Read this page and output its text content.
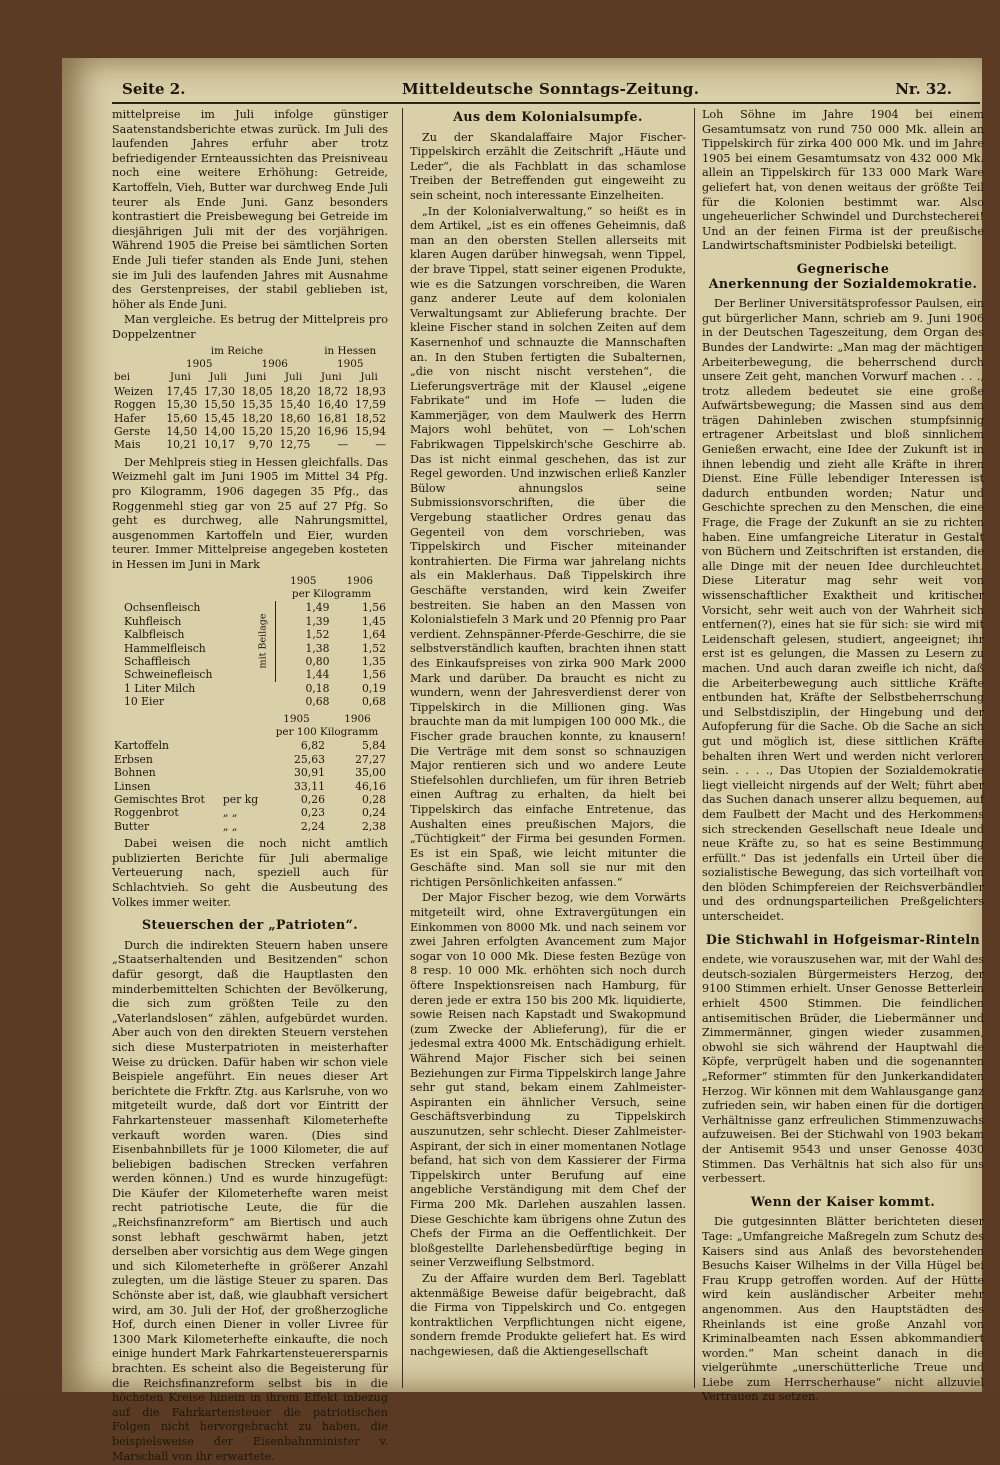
Seite 2.	Mitteldeutsche Sonntags-Zeitung.	Nr. 32.

mittelpreise im Juli infolge günstiger Saatenstandsberichte etwas zurück. Im Juli des laufenden Jahres erfuhr aber trotz befriedigender Ernteaussichten das Preisniveau noch eine weitere Erhöhung: Getreide, Kartoffeln, Vieh, Butter war durchweg Ende Juli teurer als Ende Juni. Ganz besonders kontrastiert die Preisbewegung bei Getreide im diesjährigen Juli mit der des vorjährigen. Während 1905 die Preise bei sämtlichen Sorten Ende Juli tiefer standen als Ende Juni, stehen sie im Juli des laufenden Jahres mit Ausnahme des Gerstenpreises, der stabil geblieben ist, höher als Ende Juni.

Man vergleiche. Es betrug der Mittelpreis pro Doppelzentner

	im Reiche				in Hessen	
	1905		1906		1905	
bei	Juni	Juli	Juni	Juli	Juni	Juli
Weizen	17,45	17,30	18,05	18,20	18,72	18,93
Roggen	15,30	15,50	15,35	15,40	16,40	17,59
Hafer	15,60	15,45	18,20	18,60	16,81	18,52
Gerste	14,50	14,00	15,20	15,20	16,96	15,94
Mais	10,21	10,17	9,70	12,75	—	—

Der Mehlpreis stieg in Hessen gleichfalls. Das Weizmehl galt im Juni 1905 im Mittel 34 Pfg. pro Kilogramm, 1906 dagegen 35 Pfg., das Roggenmehl stieg gar von 25 auf 27 Pfg. So geht es durchweg, alle Nahrungsmittel, ausgenommen Kartoffeln und Eier, wurden teurer. Immer Mittelpreise angegeben kosteten in Hessen im Juni in Mark

		1905	1906
		per Kilogramm	
Ochsenfleisch	mit Beilage	1,49	1,56
Kuhfleisch		1,39	1,45
Kalbfleisch		1,52	1,64
Hammelfleisch		1,38	1,52
Schaffleisch		0,80	1,35
Schweinefleisch		1,44	1,56
1 Liter Milch		0,18	0,19
10 Eier		0,68	0,68
		1905	1906
		per 100 Kilogramm	
Kartoffeln		6,82	5,84
Erbsen		25,63	27,27
Bohnen		30,91	35,00
Linsen		33,11	46,16
Gemischtes Brot	per kg	0,26	0,28
Roggenbrot	„ „	0,23	0,24
Butter	„ „	2,24	2,38

Dabei weisen die noch nicht amtlich publizierten Berichte für Juli abermalige Verteuerung nach, speziell auch für Schlachtvieh. So geht die Ausbeutung des Volkes immer weiter.

Steuerschen der „Patrioten“.

Durch die indirekten Steuern haben unsere „Staatserhaltenden und Besitzenden“ schon dafür gesorgt, daß die Hauptlasten den minderbemittelten Schichten der Bevölkerung, die sich zum größten Teile zu den „Vaterlandslosen“ zählen, aufgebürdet wurden. Aber auch von den direkten Steuern verstehen sich diese Musterpatrioten in meisterhafter Weise zu drücken. Dafür haben wir schon viele Beispiele angeführt. Ein neues dieser Art berichtete die Frkftr. Ztg. aus Karlsruhe, von wo mitgeteilt wurde, daß dort vor Eintritt der Fahrkartensteuer massenhaft Kilometerhefte verkauft worden waren. (Dies sind Eisenbahnbillets für je 1000 Kilometer, die auf beliebigen badischen Strecken verfahren werden können.) Und es wurde hinzugefügt: Die Käufer der Kilometerhefte waren meist recht patriotische Leute, die für die „Reichsfinanzreform“ am Biertisch und auch sonst lebhaft geschwärmt haben, jetzt derselben aber vorsichtig aus dem Wege gingen und sich Kilometerhefte in größerer Anzahl zulegten, um die lästige Steuer zu sparen. Das Schönste aber ist, daß, wie glaubhaft versichert wird, am 30. Juli der Hof, der großherzogliche Hof, durch einen Diener in voller Livree für 1300 Mark Kilometerhefte einkaufte, die noch einige hundert Mark Fahrkartensteuerersparnis brachten. Es scheint also die Begeisterung für die Reichsfinanzreform selbst bis in die höchsten Kreise hinein in ihrem Effekt inbezug auf die Fahrkartensteuer die patriotischen Folgen nicht hervorgebracht zu haben, die beispielsweise der Eisenbahnminister v. Marschall von ihr erwartete.

Aus dem Kolonialsumpfe.

Zu der Skandalaffaire Major Fischer-Tippelskirch erzählt die Zeitschrift „Häute und Leder“, die als Fachblatt in das schamlose Treiben der Betreffenden gut eingeweiht zu sein scheint, noch interessante Einzelheiten.

„In der Kolonialverwaltung,“ so heißt es in dem Artikel, „ist es ein offenes Geheimnis, daß man an den obersten Stellen allerseits mit klaren Augen darüber hinwegsah, wenn Tippel, der brave Tippel, statt seiner eigenen Produkte, wie es die Satzungen vorschreiben, die Waren ganz anderer Leute auf dem kolonialen Verwaltungsamt zur Ablieferung brachte. Der kleine Fischer stand in solchen Zeiten auf dem Kasernenhof und schnauzte die Mannschaften an. In den Stuben fertigten die Subalternen, „die von nischt nischt verstehen“, die Lieferungsverträge mit der Klausel „eigene Fabrikate“ und im Hofe — luden die Kammerjäger, von dem Maulwerk des Herrn Majors wohl behütet, von — Loh'schen Fabrikwagen Tippelskirch'sche Geschirre ab. Das ist nicht einmal geschehen, das ist zur Regel geworden. Und inzwischen erließ Kanzler Bülow ahnungslos seine Submissionsvorschriften, die über die Vergebung staatlicher Ordres genau das Gegenteil von dem vorschrieben, was Tippelskirch und Fischer miteinander kontrahierten. Die Firma war jahrelang nichts als ein Maklerhaus. Daß Tippelskirch ihre Geschäfte verstanden, wird kein Zweifer bestreiten. Sie haben an den Massen von Kolonialstiefeln 3 Mark und 20 Pfennig pro Paar verdient. Zehnspänner-Pferde-Geschirre, die sie selbstverständlich kauften, brachten ihnen statt des Einkaufspreises von zirka 900 Mark 2000 Mark und darüber. Da braucht es nicht zu wundern, wenn der Jahresverdienst derer von Tippelskirch in die Millionen ging. Was brauchte man da mit lumpigen 100 000 Mk., die Fischer grade brauchen konnte, zu knausern! Die Verträge mit dem sonst so schnauzigen Major rentieren sich und wo andere Leute Stiefelsohlen durchliefen, um für ihren Betrieb einen Auftrag zu erhalten, da hielt bei Tippelskirch das einfache Entretenue, das Aushalten eines preußischen Majors, die „Tüchtigkeit“ der Firma bei gesunden Formen. Es ist ein Spaß, wie leicht mitunter die Geschäfte sind. Man soll sie nur mit den richtigen Persönlichkeiten anfassen.“

Der Major Fischer bezog, wie dem Vorwärts mitgeteilt wird, ohne Extravergütungen ein Einkommen von 8000 Mk. und nach seinem vor zwei Jahren erfolgten Avancement zum Major sogar von 10 000 Mk. Diese festen Bezüge von 8 resp. 10 000 Mk. erhöhten sich noch durch öftere Inspektionsreisen nach Hamburg, für deren jede er extra 150 bis 200 Mk. liquidierte, sowie Reisen nach Kapstadt und Swakopmund (zum Zwecke der Ablieferung), für die er jedesmal extra 4000 Mk. Entschädigung erhielt. Während Major Fischer sich bei seinen Beziehungen zur Firma Tippelskirch lange Jahre sehr gut stand, bekam einem Zahlmeister-Aspiranten ein ähnlicher Versuch, seine Geschäftsverbindung zu Tippelskirch auszunutzen, sehr schlecht. Dieser Zahlmeister-Aspirant, der sich in einer momentanen Notlage befand, hat sich von dem Kassierer der Firma Tippelskirch unter Berufung auf eine angebliche Verständigung mit dem Chef der Firma 200 Mk. Darlehen auszahlen lassen. Diese Geschichte kam übrigens ohne Zutun des Chefs der Firma an die Oeffentlichkeit. Der bloßgestellte Darlehensbedürftige beging in seiner Verzweiflung Selbstmord.

Zu der Affaire wurden dem Berl. Tageblatt aktenmäßige Beweise dafür beigebracht, daß die Firma von Tippelskirch und Co. entgegen kontraktlichen Verpflichtungen nicht eigene, sondern fremde Produkte geliefert hat. Es wird nachgewiesen, daß die Aktiengesellschaft

Loh Söhne im Jahre 1904 bei einem Gesamtumsatz von rund 750 000 Mk. allein an Tippelskirch für zirka 400 000 Mk. und im Jahre 1905 bei einem Gesamtumsatz von 432 000 Mk. allein an Tippelskirch für 133 000 Mark Ware geliefert hat, von denen weitaus der größte Teil für die Kolonien bestimmt war. Also ungeheuerlicher Schwindel und Durchstecherei! Und an der feinen Firma ist der preußische Landwirtschaftsminister Podbielski beteiligt.

Gegnerische
Anerkennung der Sozialdemokratie.

Der Berliner Universitätsprofessor Paulsen, ein gut bürgerlicher Mann, schrieb am 9. Juni 1906 in der Deutschen Tageszeitung, dem Organ des Bundes der Landwirte: „Man mag der mächtigen Arbeiterbewegung, die beherrschend durch unsere Zeit geht, manchen Vorwurf machen . . ., trotz alledem bedeutet sie eine große Aufwärtsbewegung; die Massen sind aus dem trägen Dahinleben zwischen stumpfsinnig ertragener Arbeitslast und bloß sinnlichem Genießen erwacht, eine Idee der Zukunft ist in ihnen lebendig und zieht alle Kräfte in ihren Dienst. Eine Fülle lebendiger Interessen ist dadurch entbunden worden; Natur und Geschichte sprechen zu den Menschen, die eine Frage, die Frage der Zukunft an sie zu richten haben. Eine umfangreiche Literatur in Gestalt von Büchern und Zeitschriften ist erstanden, die alle Dinge mit der neuen Idee durchleuchtet. Diese Literatur mag sehr weit von wissenschaftlicher Exaktheit und kritischer Vorsicht, sehr weit auch von der Wahrheit sich entfernen(?), eines hat sie für sich: sie wird mit Leidenschaft gelesen, studiert, angeeignet; ihr erst ist es gelungen, die Massen zu Lesern zu machen. Und auch daran zweifle ich nicht, daß die Arbeiterbewegung auch sittliche Kräfte entbunden hat, Kräfte der Selbstbeherrschung und Selbstdisziplin, der Hingebung und der Aufopferung für die Sache. Ob die Sache an sich gut und möglich ist, diese sittlichen Kräfte behalten ihren Wert und werden nicht verloren sein. . . . ., Das Utopien der Sozialdemokratie liegt vielleicht nirgends auf der Welt; führt aber das Suchen danach unserer allzu bequemen, auf dem Faulbett der Macht und des Herkommens sich streckenden Gesellschaft neue Ideale und neue Kräfte zu, so hat es seine Bestimmung erfüllt.“ Das ist jedenfalls ein Urteil über die sozialistische Bewegung, das sich vorteilhaft von den blöden Schimpfereien der Reichsverbändler und des ordnungsparteilichen Preßgelichters unterscheidet.

Die Stichwahl in Hofgeismar-Rinteln

endete, wie vorauszusehen war, mit der Wahl des deutsch-sozialen Bürgermeisters Herzog, der 9100 Stimmen erhielt. Unser Genosse Betterlein erhielt 4500 Stimmen. Die feindlichen antisemitischen Brüder, die Liebermänner und Zimmermänner, gingen wieder zusammen, obwohl sie sich während der Hauptwahl die Köpfe, verprügelt haben und die sogenannten „Reformer“ stimmten für den Junkerkandidaten Herzog. Wir können mit dem Wahlausgange ganz zufrieden sein, wir haben einen für die dortigen Verhältnisse ganz erfreulichen Stimmenzuwachs aufzuweisen. Bei der Stichwahl von 1903 bekam der Antisemit 9543 und unser Genosse 4030 Stimmen. Das Verhältnis hat sich also für uns verbessert.

Wenn der Kaiser kommt.

Die gutgesinnten Blätter berichteten dieser Tage: „Umfangreiche Maßregeln zum Schutz des Kaisers sind aus Anlaß des bevorstehenden Besuchs Kaiser Wilhelms in der Villa Hügel bei Frau Krupp getroffen worden. Auf der Hütte wird kein ausländischer Arbeiter mehr angenommen. Aus den Hauptstädten des Rheinlands ist eine große Anzahl von Kriminalbeamten nach Essen abkommandiert worden.“ Man scheint danach in die vielgerühmte „unerschütterliche Treue und Liebe zum Herrscherhause“ nicht allzuviel Vertrauen zu setzen.
